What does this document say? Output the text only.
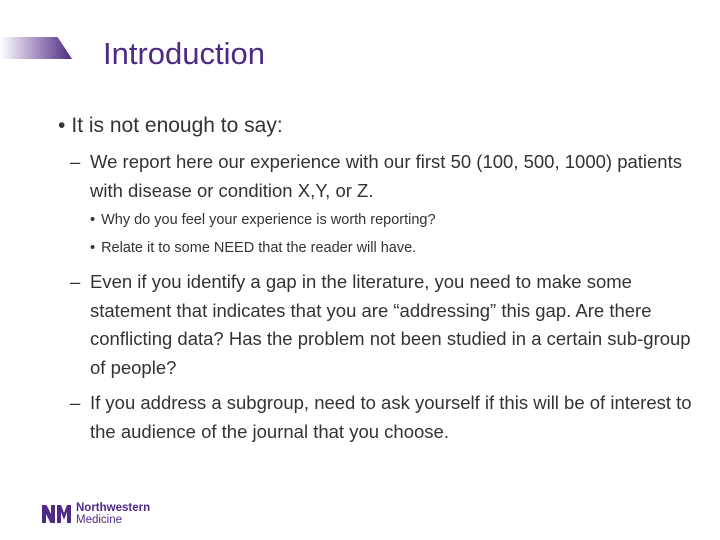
Introduction
• It is not enough to say:
– We report here our experience with our first 50 (100, 500, 1000) patients with disease or condition X,Y, or Z.
• Why do you feel your experience is worth reporting?
• Relate it to some NEED that the reader will have.
– Even if you identify a gap in the literature, you need to make some statement that indicates that you are “addressing” this gap. Are there conflicting data? Has the problem not been studied in a certain sub-group of people?
– If you address a subgroup, need to ask yourself if this will be of interest to the audience of the journal that you choose.
Northwestern
Medicine
